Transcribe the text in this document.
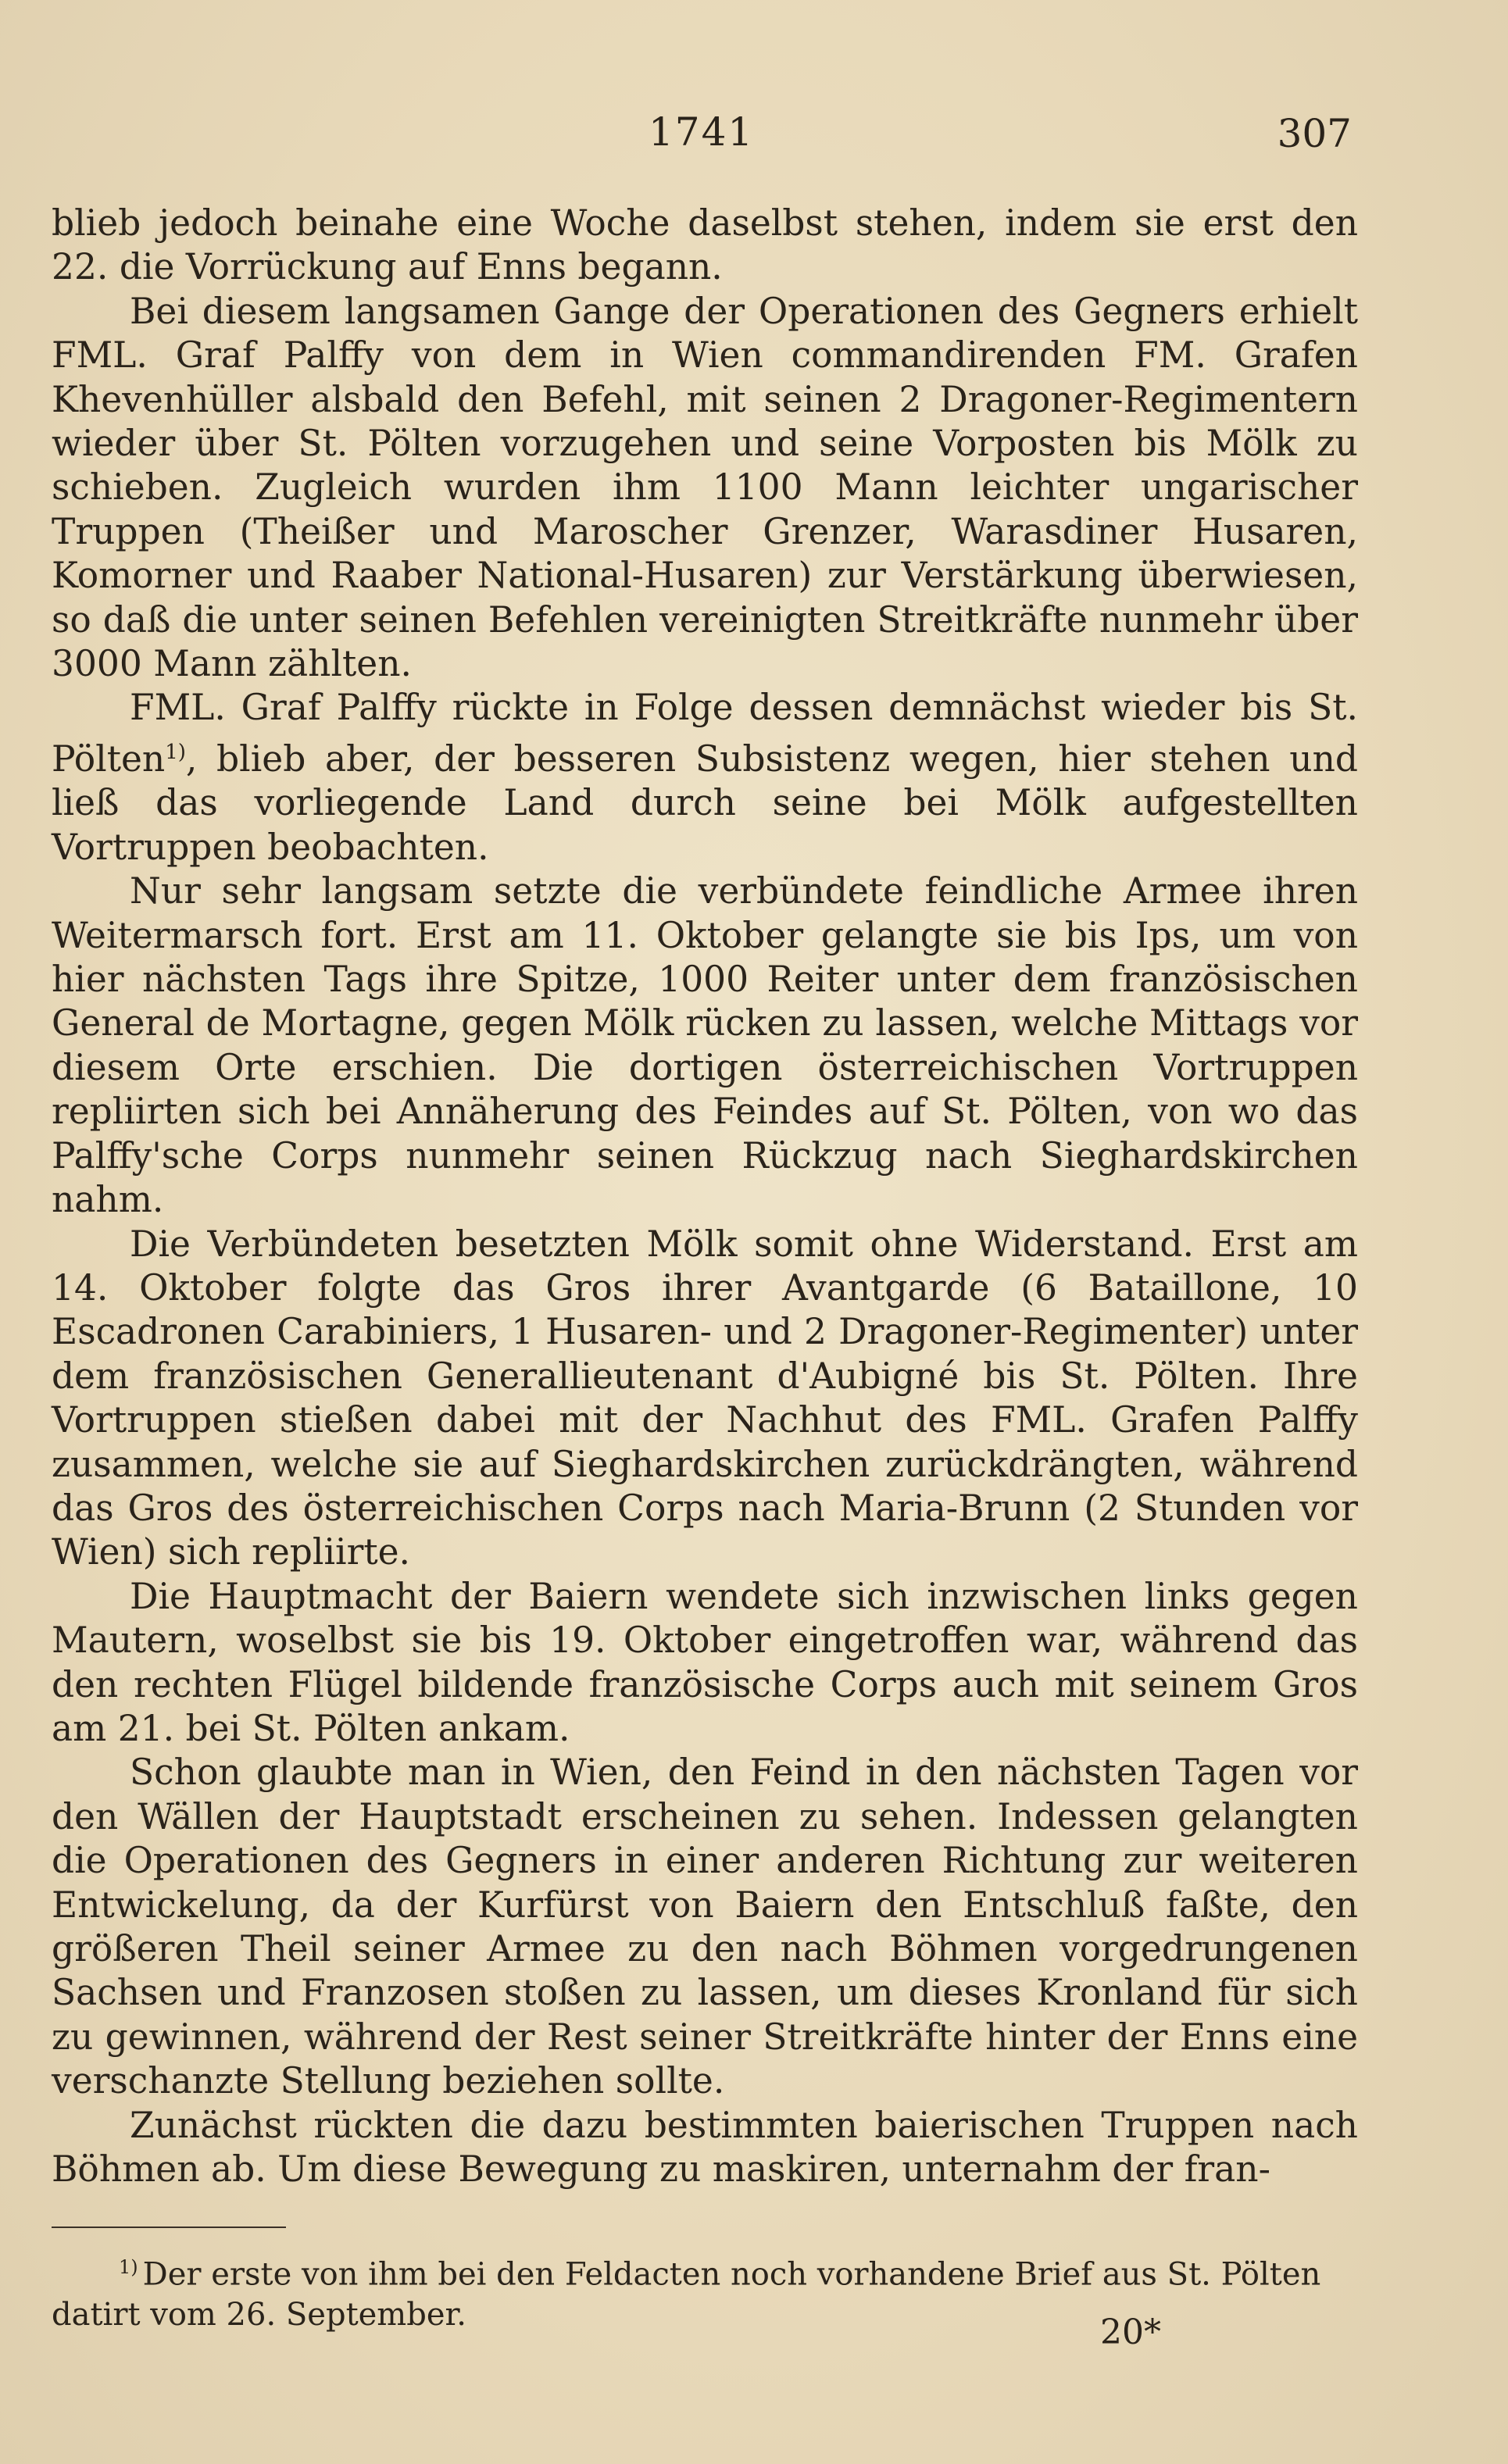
1741	307

blieb jedoch beinahe eine Woche daselbst stehen, indem sie erst den 22. die Vorrückung auf Enns begann.

Bei diesem langsamen Gange der Operationen des Gegners erhielt FML. Graf Palffy von dem in Wien commandirenden FM. Grafen Khevenhüller alsbald den Befehl, mit seinen 2 Dragoner-Regimentern wieder über St. Pölten vorzugehen und seine Vorposten bis Mölk zu schieben. Zugleich wurden ihm 1100 Mann leichter ungarischer Truppen (Theißer und Maroscher Grenzer, Warasdiner Husaren, Komorner und Raaber National-Husaren) zur Verstärkung überwiesen, so daß die unter seinen Befehlen vereinigten Streitkräfte nunmehr über 3000 Mann zählten.

FML. Graf Palffy rückte in Folge dessen demnächst wieder bis St. Pölten$^{1)}$, blieb aber, der besseren Subsistenz wegen, hier stehen und ließ das vorliegende Land durch seine bei Mölk aufgestellten Vortruppen beobachten.

Nur sehr langsam setzte die verbündete feindliche Armee ihren Weitermarsch fort. Erst am 11. Oktober gelangte sie bis Ips, um von hier nächsten Tags ihre Spitze, 1000 Reiter unter dem französischen General de Mortagne, gegen Mölk rücken zu lassen, welche Mittags vor diesem Orte erschien. Die dortigen österreichischen Vortruppen repliirten sich bei Annäherung des Feindes auf St. Pölten, von wo das Palffy'sche Corps nunmehr seinen Rückzug nach Sieghardskirchen nahm.

Die Verbündeten besetzten Mölk somit ohne Widerstand. Erst am 14. Oktober folgte das Gros ihrer Avantgarde (6 Bataillone, 10 Escadronen Carabiniers, 1 Husaren- und 2 Dragoner-Regimenter) unter dem französischen Generallieutenant d'Aubigné bis St. Pölten. Ihre Vortruppen stießen dabei mit der Nachhut des FML. Grafen Palffy zusammen, welche sie auf Sieghardskirchen zurückdrängten, während das Gros des österreichischen Corps nach Maria-Brunn (2 Stunden vor Wien) sich repliirte.

Die Hauptmacht der Baiern wendete sich inzwischen links gegen Mautern, woselbst sie bis 19. Oktober eingetroffen war, während das den rechten Flügel bildende französische Corps auch mit seinem Gros am 21. bei St. Pölten ankam.

Schon glaubte man in Wien, den Feind in den nächsten Tagen vor den Wällen der Hauptstadt erscheinen zu sehen. Indessen gelangten die Operationen des Gegners in einer anderen Richtung zur weiteren Entwickelung, da der Kurfürst von Baiern den Entschluß faßte, den größeren Theil seiner Armee zu den nach Böhmen vorgedrungenen Sachsen und Franzosen stoßen zu lassen, um dieses Kronland für sich zu gewinnen, während der Rest seiner Streitkräfte hinter der Enns eine verschanzte Stellung beziehen sollte.

Zunächst rückten die dazu bestimmten baierischen Truppen nach Böhmen ab. Um diese Bewegung zu maskiren, unternahm der fran-

$^{1)}$ Der erste von ihm bei den Feldacten noch vorhandene Brief aus St. Pölten datirt vom 26. September.	20*
